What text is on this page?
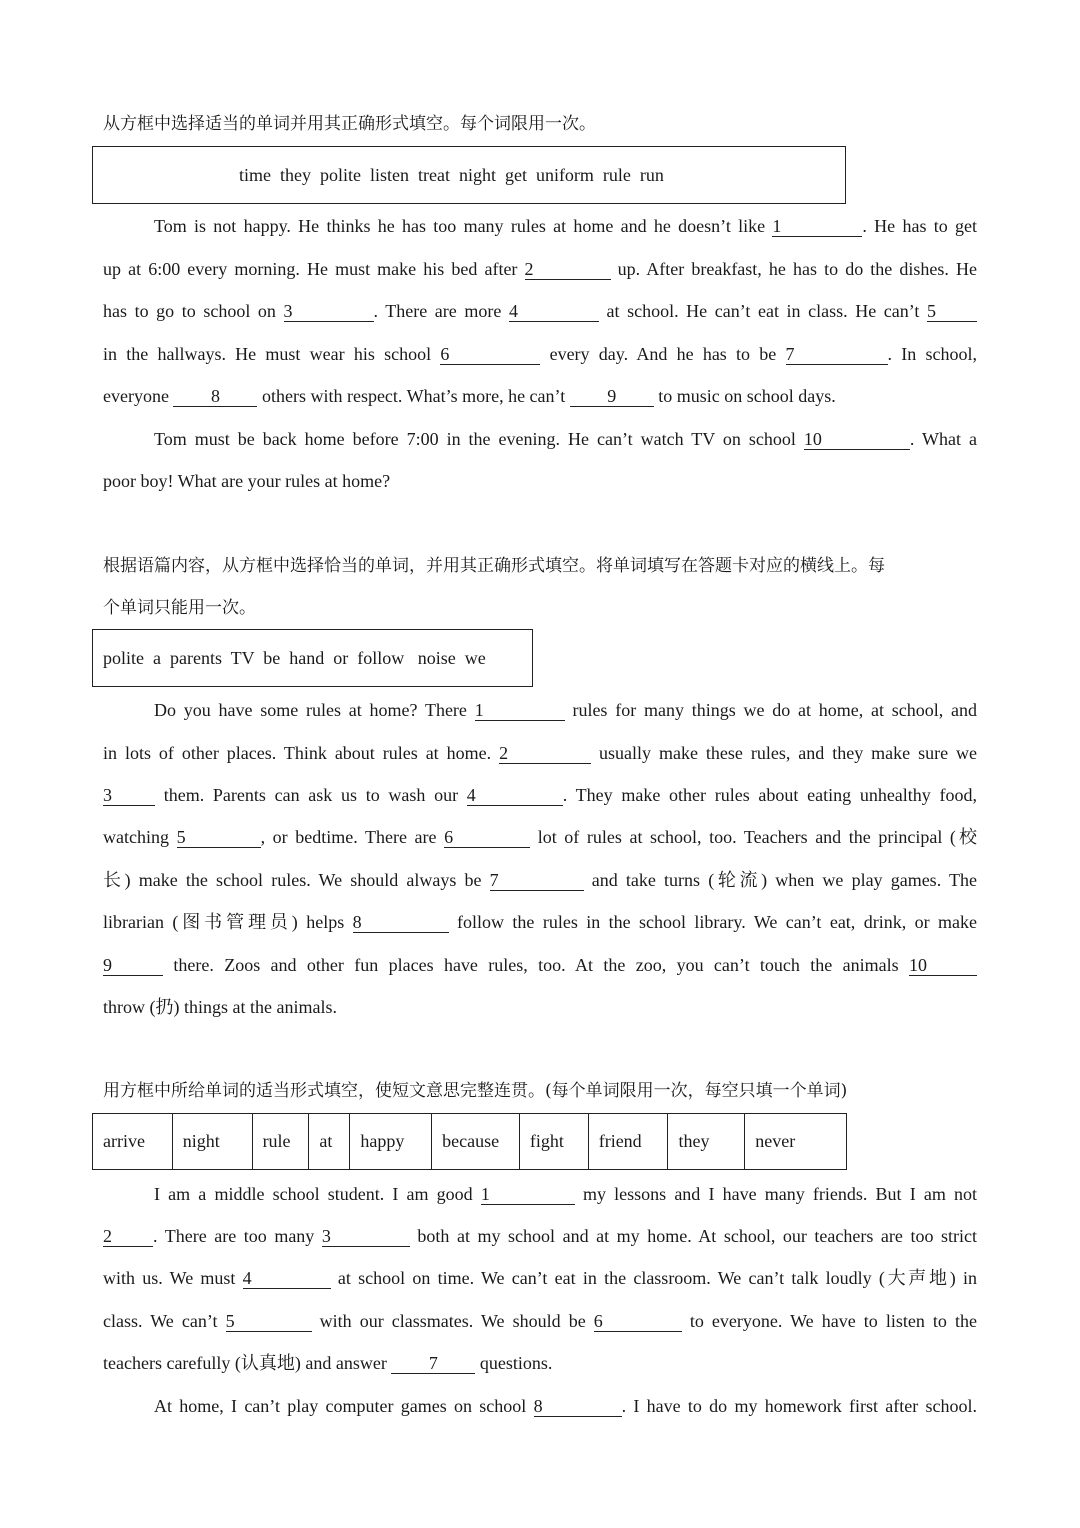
从方框中选择适当的单词并用其正确形式填空。每个词限用一次。
time  they  polite  listen  treat  night  get  uniform  rule  run
Tom is not happy. He thinks he has too many rules at home and he doesn’t like 1	. He has to get
up at 6:00 every morning. He must make his bed after 2	up. After breakfast, he has to do the dishes. He
has to go to school on 3	. There are more 4	at school. He can’t eat in class. He can’t 5
in the hallways. He must wear his school 6	every day. And he has to be 7	. In school,
everyone 8 others with respect. What’s more, he can’t 9 to music on school days.
Tom must be back home before 7:00 in the evening. He can’t watch TV on school 10	. What a
poor boy! What are your rules at home?
根据语篇内容，从方框中选择恰当的单词，并用其正确形式填空。将单词填写在答题卡对应的横线上。每
个单词只能用一次。
polite  a  parents  TV  be  hand  or  follow   noise  we
Do you have some rules at home? There 1	rules for many things we do at home, at school, and
in lots of other places. Think about rules at home. 2	usually make these rules, and they make sure we
3 them. Parents can ask us to wash our 4	. They make other rules about eating unhealthy food,
watching 5	, or bedtime. There are 6	lot of rules at school, too. Teachers and the principal (校
长) make the school rules. We should always be 7	and take turns (轮流) when we play games. The
librarian (图书管理员) helps 8	follow the rules in the school library. We can’t eat, drink, or make
9	there. Zoos and other fun places have rules, too. At the zoo, you can’t touch the animals 10
throw (扔) things at the animals.
用方框中所给单词的适当形式填空，使短文意思完整连贯。(每个单词限用一次，每空只填一个单词)
arrive	night	rule	at	happy	because	fight	friend	they	never
I am a middle school student. I am good 1	my lessons and I have many friends. But I am not
2 . There are too many 3	both at my school and at my home. At school, our teachers are too strict
with us. We must 4	at school on time. We can’t eat in the classroom. We can’t talk loudly (大声地) in
class. We can’t 5	with our classmates. We should be 6	to everyone. We have to listen to the
teachers carefully (认真地) and answer 7 questions.
At home, I can’t play computer games on school 8	. I have to do my homework first after school.
